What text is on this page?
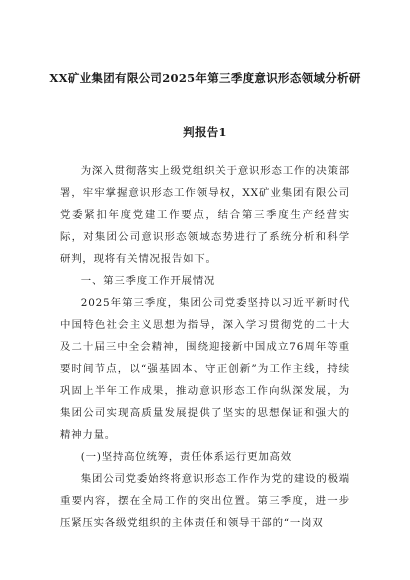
XX矿业集团有限公司2025年第三季度意识形态领域分析研
判报告1

为深入贯彻落实上级党组织关于意识形态工作的决策部署，牢牢掌握意识形态工作领导权，XX矿业集团有限公司党委紧扣年度党建工作要点，结合第三季度生产经营实际，对集团公司意识形态领域态势进行了系统分析和科学研判，现将有关情况报告如下。

一、第三季度工作开展情况

2025年第三季度，集团公司党委坚持以习近平新时代中国特色社会主义思想为指导，深入学习贯彻党的二十大及二十届三中全会精神，围绕迎接新中国成立76周年等重要时间节点，以“强基固本、守正创新”为工作主线，持续巩固上半年工作成果，推动意识形态工作向纵深发展，为集团公司实现高质量发展提供了坚实的思想保证和强大的精神力量。

(一)坚持高位统筹，责任体系运行更加高效

集团公司党委始终将意识形态工作作为党的建设的极端重要内容，摆在全局工作的突出位置。第三季度，进一步压紧压实各级党组织的主体责任和领导干部的“一岗双
